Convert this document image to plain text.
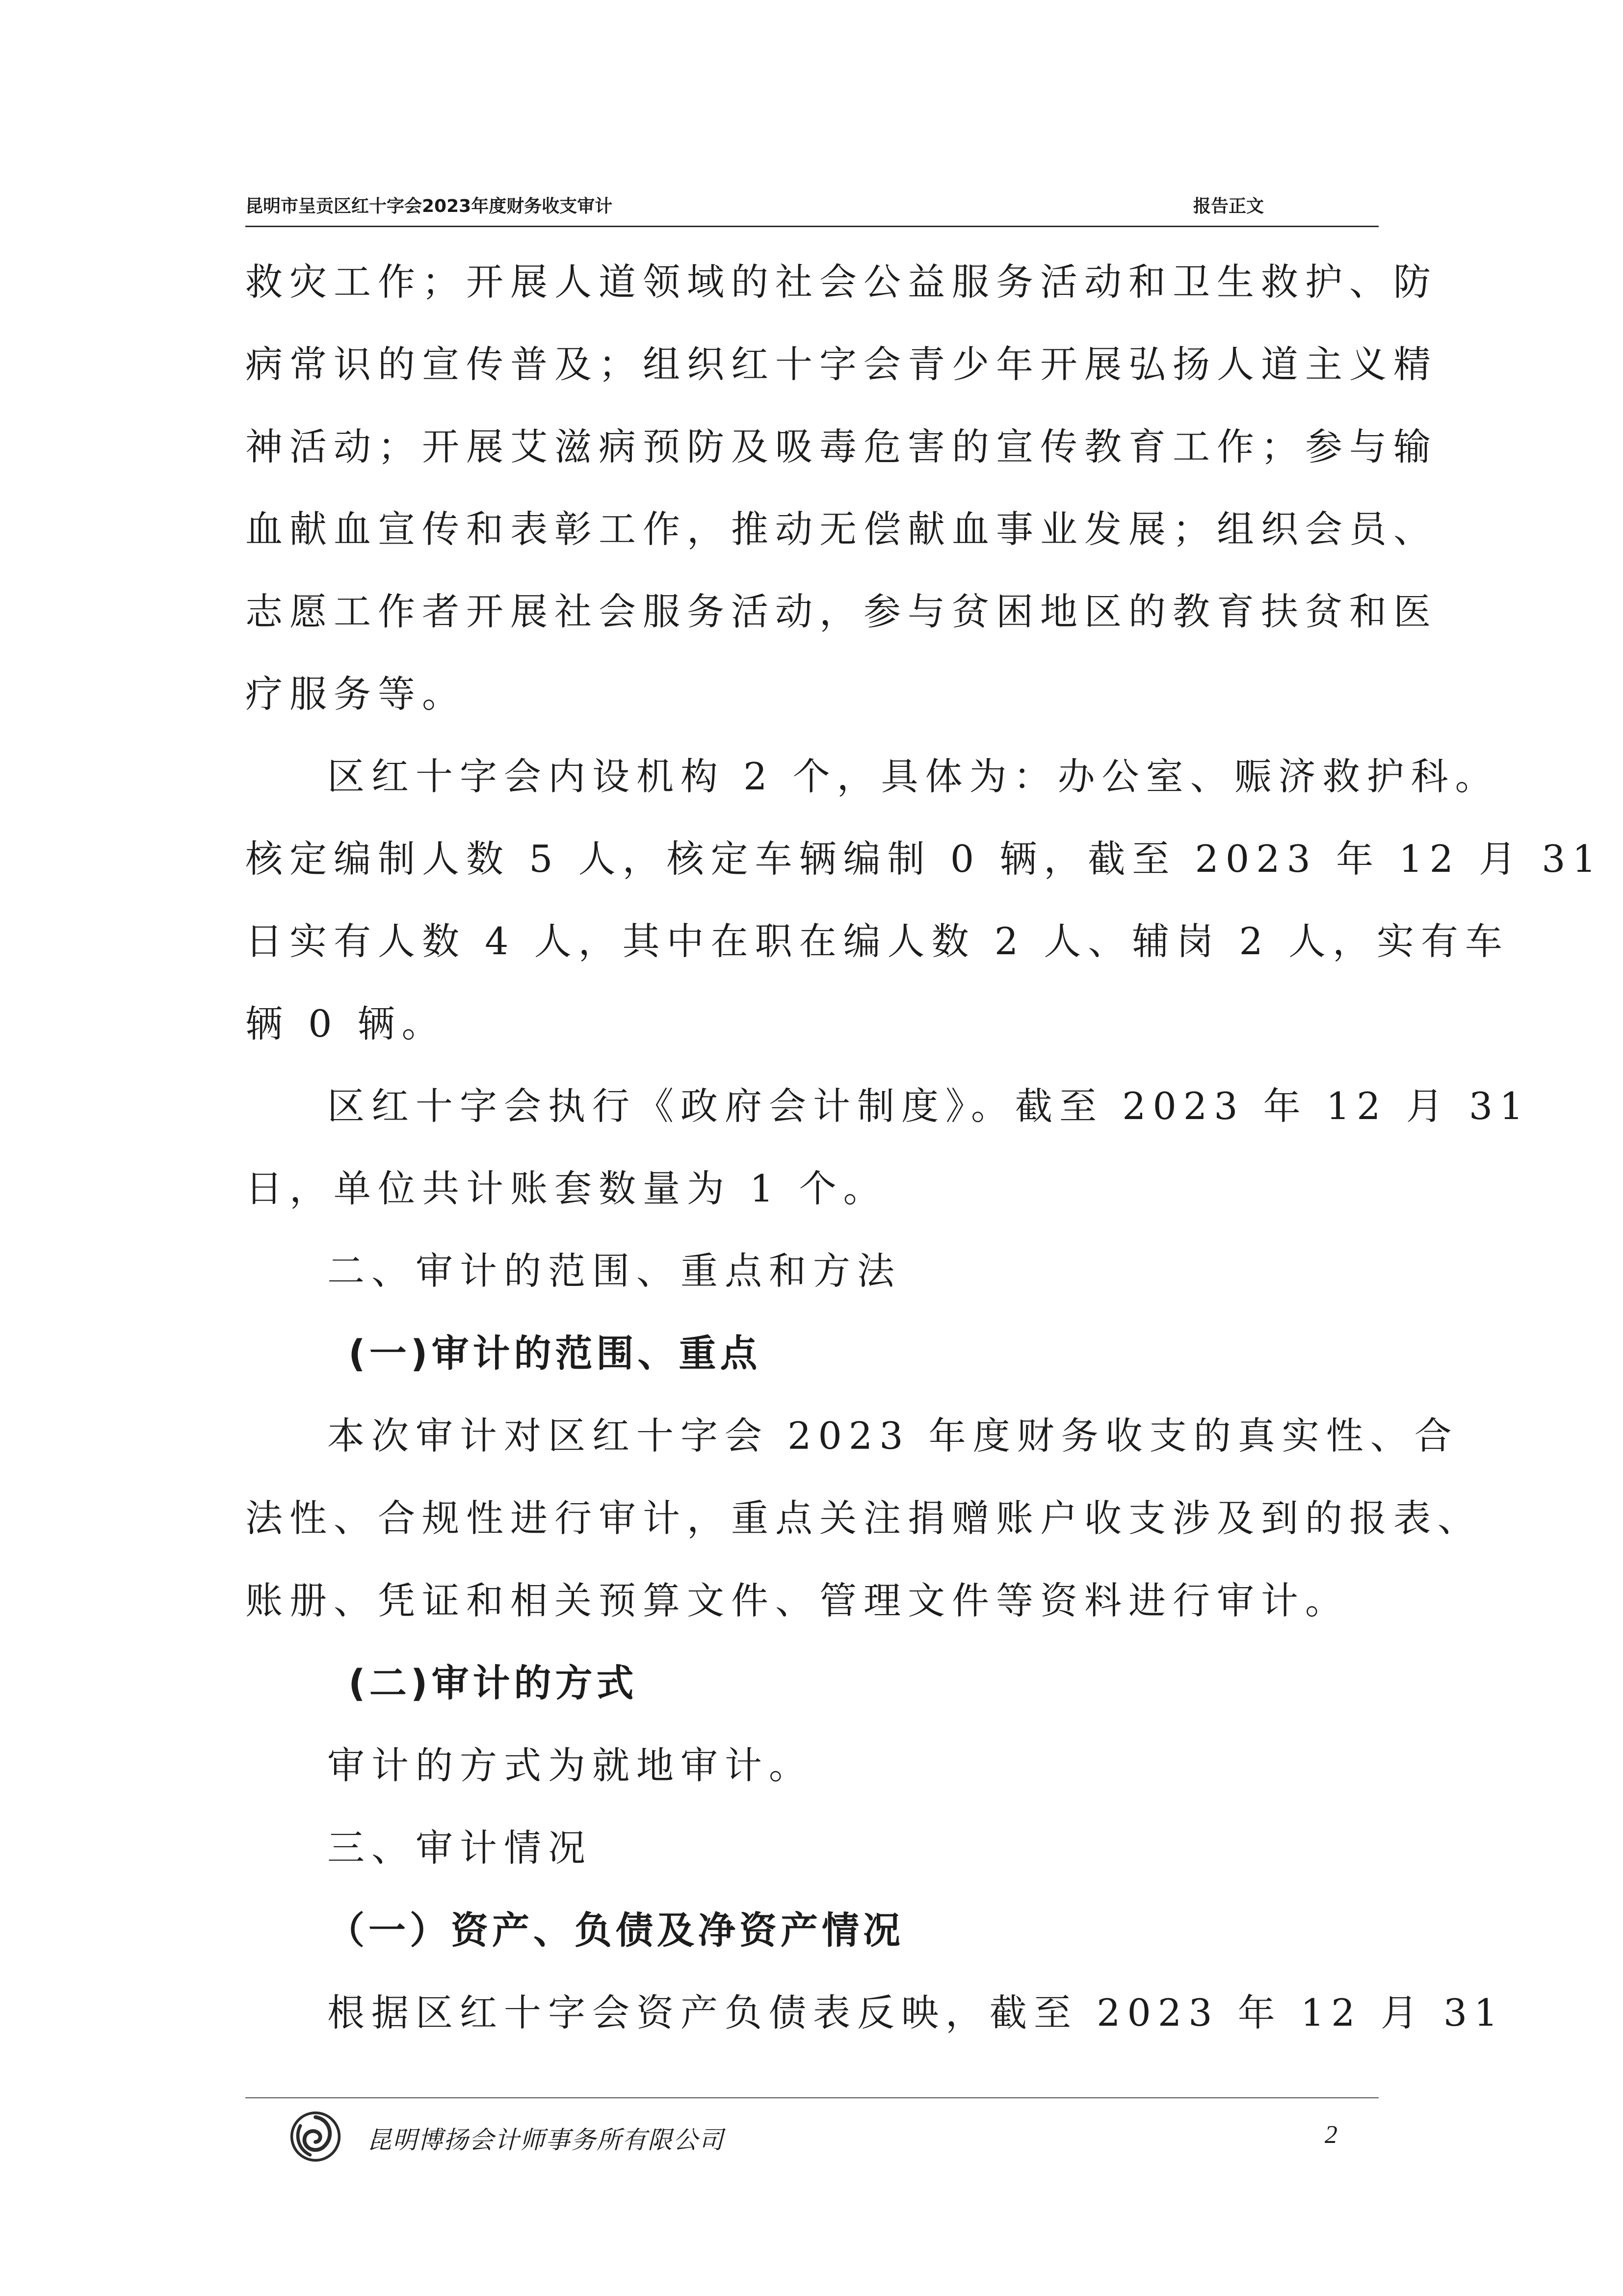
昆明市呈贡区红十字会2023年度财务收支审计	报告正文
救灾工作；开展人道领域的社会公益服务活动和卫生救护、防
病常识的宣传普及；组织红十字会青少年开展弘扬人道主义精
神活动；开展艾滋病预防及吸毒危害的宣传教育工作；参与输
血献血宣传和表彰工作，推动无偿献血事业发展；组织会员、
志愿工作者开展社会服务活动，参与贫困地区的教育扶贫和医
疗服务等。
区红十字会内设机构 2 个，具体为：办公室、赈济救护科。
核定编制人数 5 人，核定车辆编制 0 辆，截至 2023 年 12 月 31
日实有人数 4 人，其中在职在编人数 2 人、辅岗 2 人，实有车
辆 0 辆。
区红十字会执行《政府会计制度》。截至 2023 年 12 月 31
日，单位共计账套数量为 1 个。
二、审计的范围、重点和方法
(一)审计的范围、重点
本次审计对区红十字会 2023 年度财务收支的真实性、合
法性、合规性进行审计，重点关注捐赠账户收支涉及到的报表、
账册、凭证和相关预算文件、管理文件等资料进行审计。
(二)审计的方式
审计的方式为就地审计。
三、审计情况
（一）资产、负债及净资产情况
根据区红十字会资产负债表反映，截至 2023 年 12 月 31
昆明博扬会计师事务所有限公司	2
